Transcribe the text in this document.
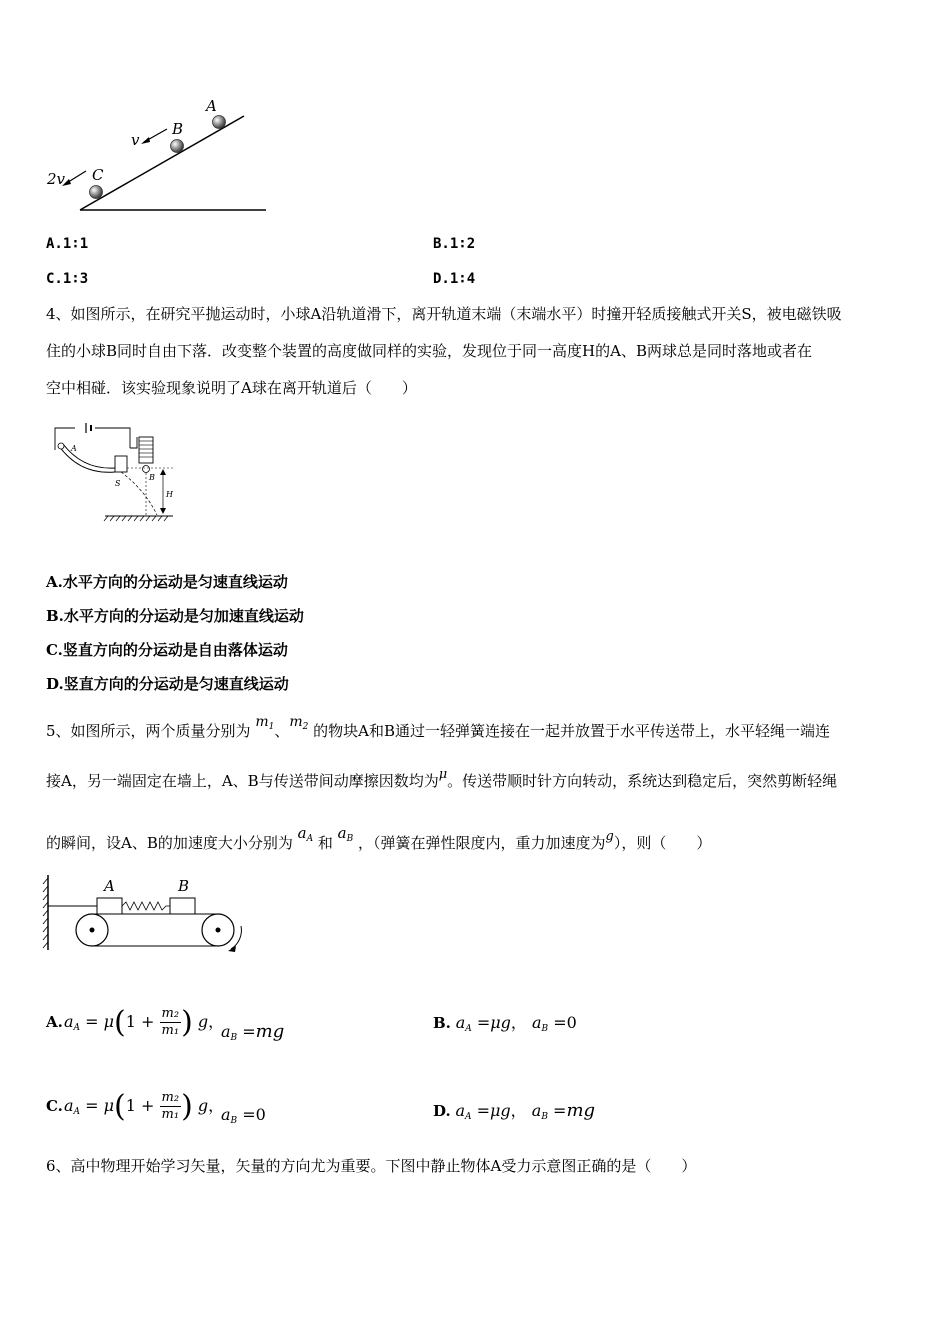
A
B
C
v
2v
A.1∶1	B.1∶2
C.1∶3	D.1∶4
4、如图所示，在研究平抛运动时，小球A沿轨道滑下，离开轨道末端（末端水平）时撞开轻质接触式开关S，被电磁铁吸
住的小球B同时自由下落．改变整个装置的高度做同样的实验，发现位于同一高度H的A、B两球总是同时落地或者在
空中相碰．该实验现象说明了A球在离开轨道后（　　）
A
S
B
H
A.水平方向的分运动是匀速直线运动
B.水平方向的分运动是匀加速直线运动
C.竖直方向的分运动是自由落体运动
D.竖直方向的分运动是匀速直线运动
5、如图所示，两个质量分别为 $m_1$、$m_2$ 的物块A和B通过一轻弹簧连接在一起并放置于水平传送带上，水平轻绳一端连
接A，另一端固定在墙上，A、B与传送带间动摩擦因数均为μ。传送带顺时针方向转动，系统达到稳定后，突然剪断轻绳
的瞬间，设A、B的加速度大小分别为 $a_A$ 和 $a_B$ ，（弹簧在弹性限度内，重力加速度为g），则（　　）
A	B
A. $a_A = \mu(1 + \frac{\text{m₂}}{\text{m₁}}$ ) g，
$a_B =mg$	B. $a_A =\mu g$， $a_B =0$
C. $a_A = \mu(1 + \frac{\text{m₂}}{\text{m₁}}$ ) g，
$a_B =0$	D. $a_A =\mu g$， $a_B =mg$
6、高中物理开始学习矢量，矢量的方向尤为重要。下图中静止物体A受力示意图正确的是（　　）
